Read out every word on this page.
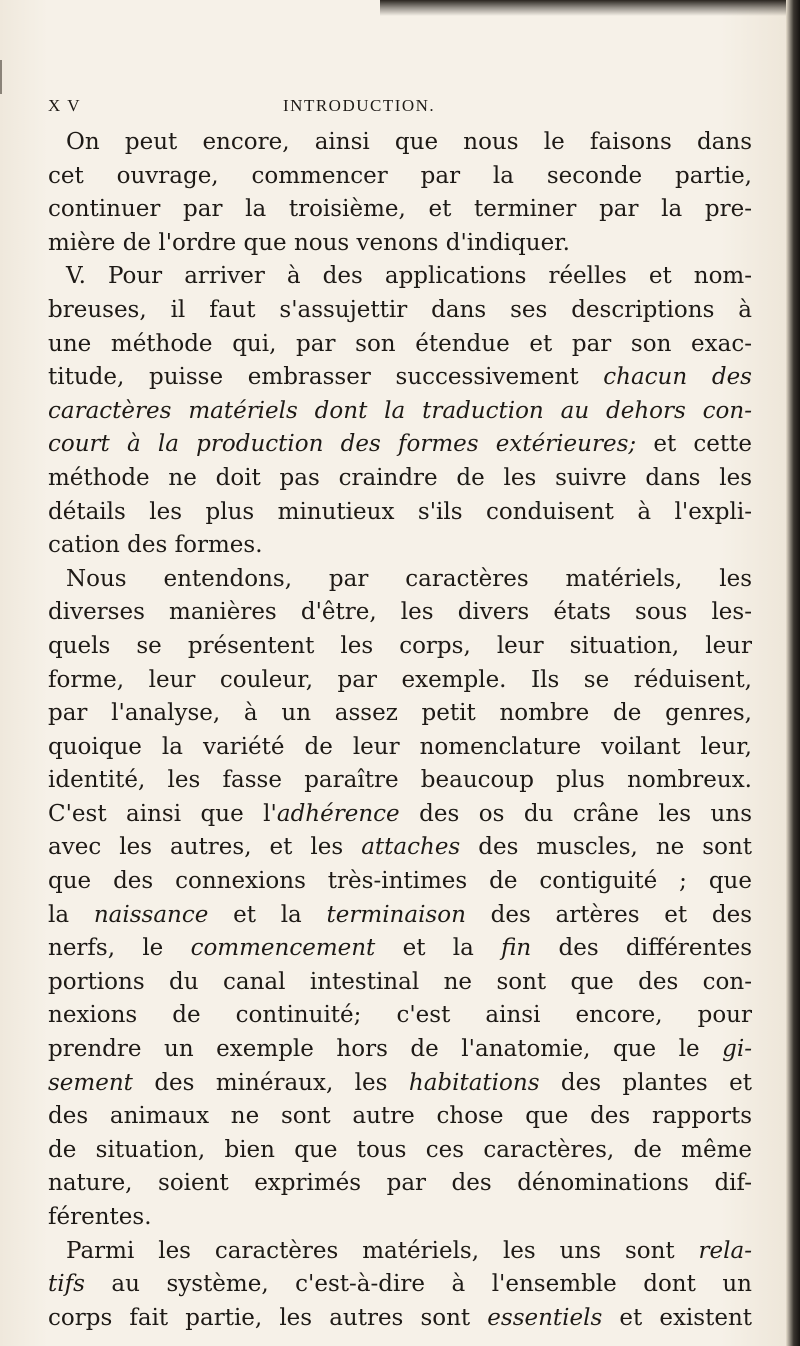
X V	INTRODUCTION.
On peut encore, ainsi que nous le faisons dans
cet ouvrage, commencer par la seconde partie,
continuer par la troisième, et terminer par la pre-
mière de l'ordre que nous venons d'indiquer.
V. Pour arriver à des applications réelles et nom-
breuses, il faut s'assujettir dans ses descriptions à
une méthode qui, par son étendue et par son exac-
titude, puisse embrasser successivement chacun des
caractères matériels dont la traduction au dehors con-
court à la production des formes extérieures; et cette
méthode ne doit pas craindre de les suivre dans les
détails les plus minutieux s'ils conduisent à l'expli-
cation des formes.
Nous entendons, par caractères matériels, les
diverses manières d'être, les divers états sous les-
quels se présentent les corps, leur situation, leur
forme, leur couleur, par exemple. Ils se réduisent,
par l'analyse, à un assez petit nombre de genres,
quoique la variété de leur nomenclature voilant leur,
identité, les fasse paraître beaucoup plus nombreux.
C'est ainsi que l'adhérence des os du crâne les uns
avec les autres, et les attaches des muscles, ne sont
que des connexions très-intimes de contiguité ; que
la naissance et la terminaison des artères et des
nerfs, le commencement et la fin des différentes
portions du canal intestinal ne sont que des con-
nexions de continuité; c'est ainsi encore, pour
prendre un exemple hors de l'anatomie, que le gi-
sement des minéraux, les habitations des plantes et
des animaux ne sont autre chose que des rapports
de situation, bien que tous ces caractères, de même
nature, soient exprimés par des dénominations dif-
férentes.
Parmi les caractères matériels, les uns sont rela-
tifs au système, c'est-à-dire à l'ensemble dont un
corps fait partie, les autres sont essentiels et existent
